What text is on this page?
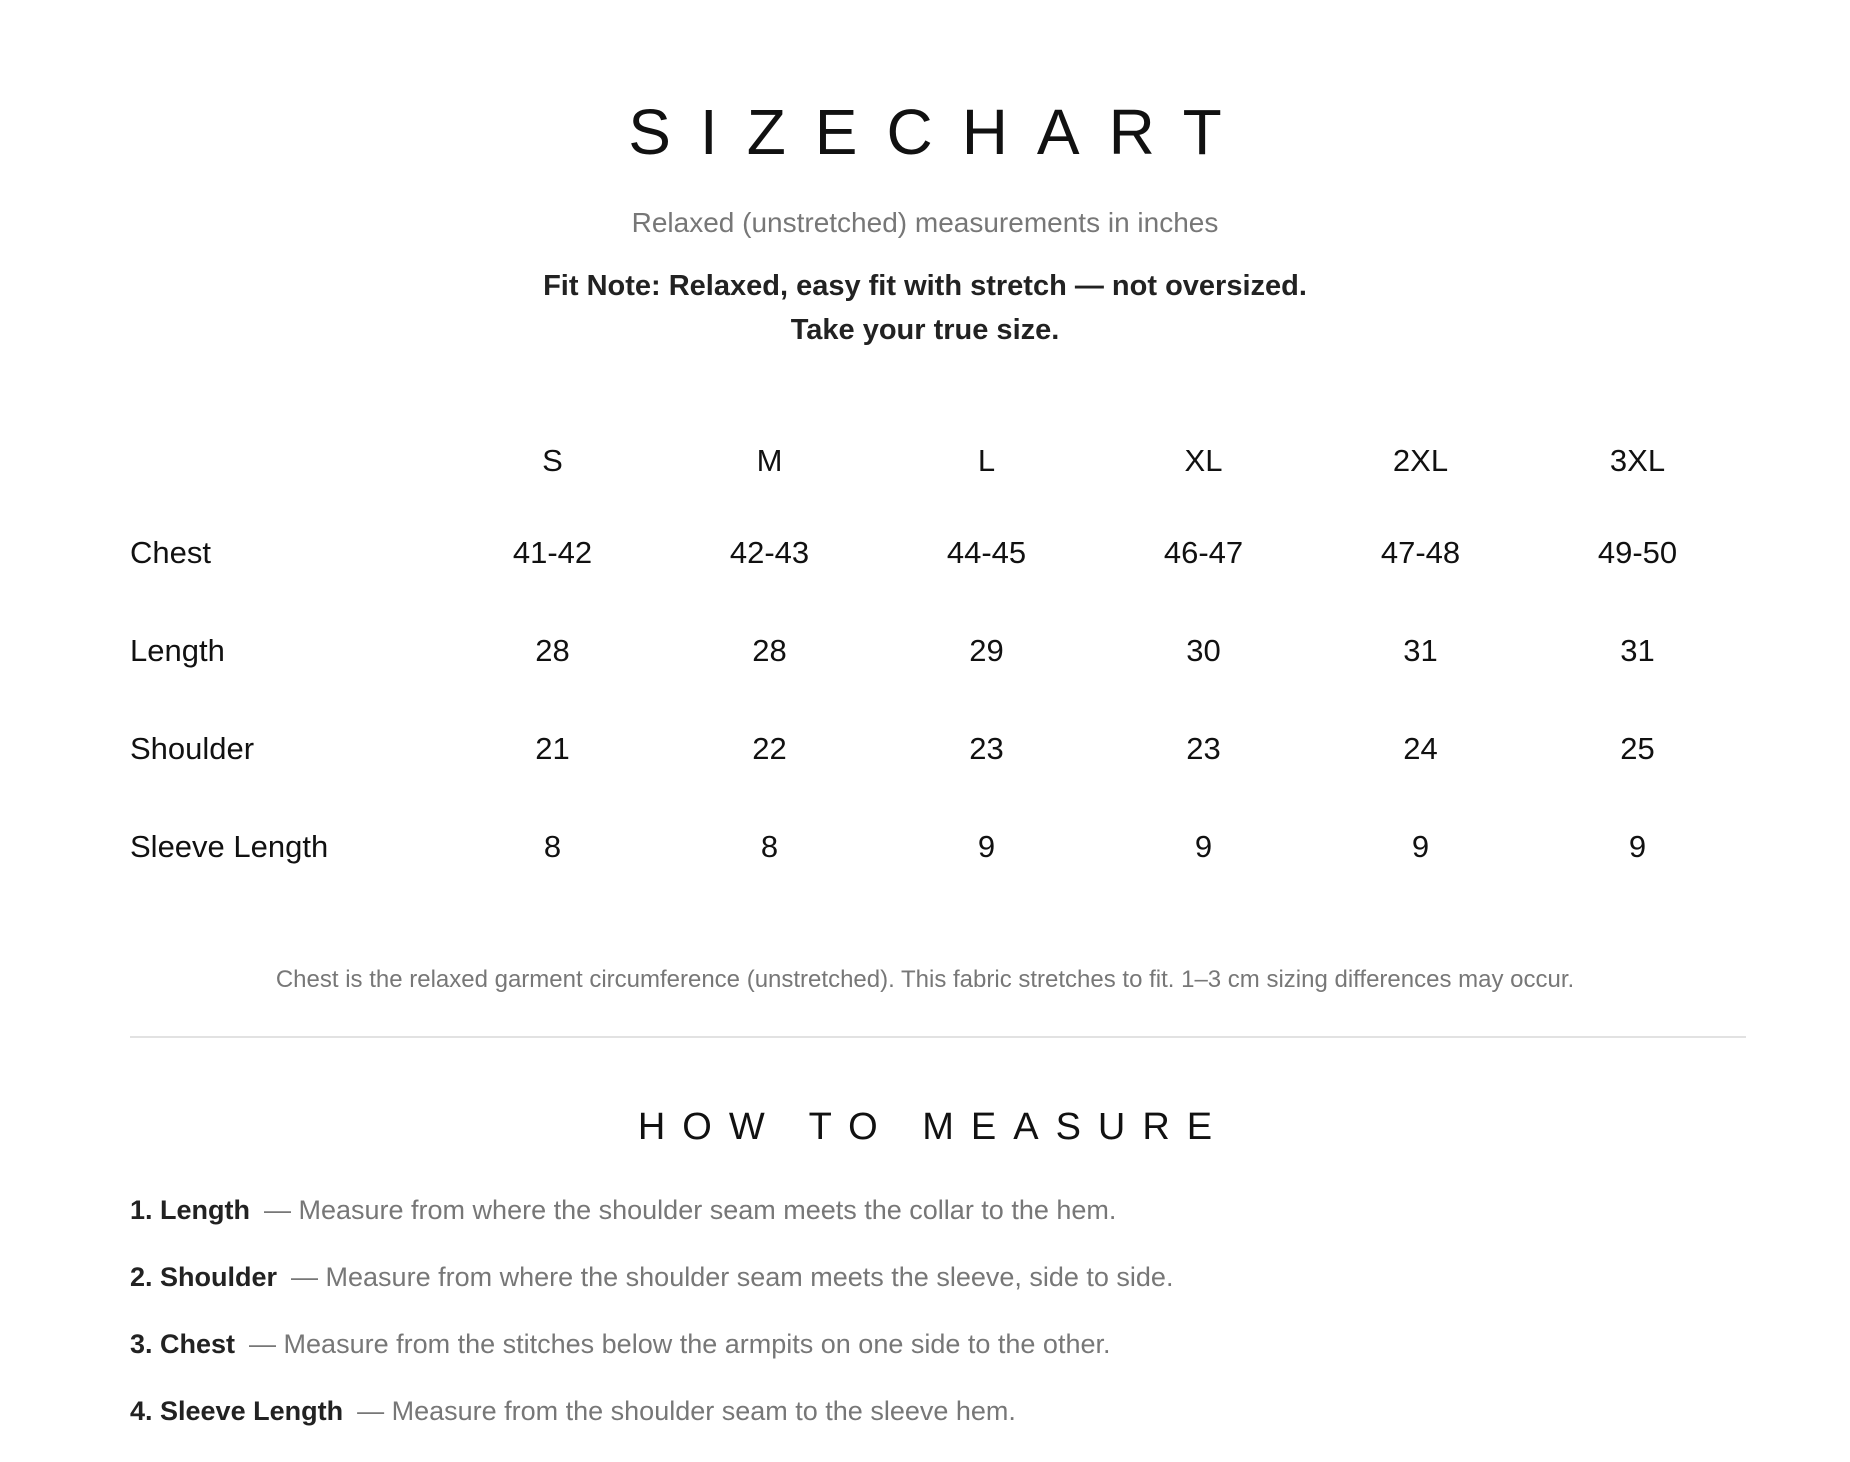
SIZECHART
Relaxed (unstretched) measurements in inches
Fit Note: Relaxed, easy fit with stretch — not oversized.
Take your true size.
	S	M	L	XL	2XL	3XL
Chest	41-42	42-43	44-45	46-47	47-48	49-50
Length	28	28	29	30	31	31
Shoulder	21	22	23	23	24	25
Sleeve Length	8	8	9	9	9	9
Chest is the relaxed garment circumference (unstretched). This fabric stretches to fit. 1–3 cm sizing differences may occur.
HOW TO MEASURE
1. Length — Measure from where the shoulder seam meets the collar to the hem.
2. Shoulder — Measure from where the shoulder seam meets the sleeve, side to side.
3. Chest — Measure from the stitches below the armpits on one side to the other.
4. Sleeve Length — Measure from the shoulder seam to the sleeve hem.
